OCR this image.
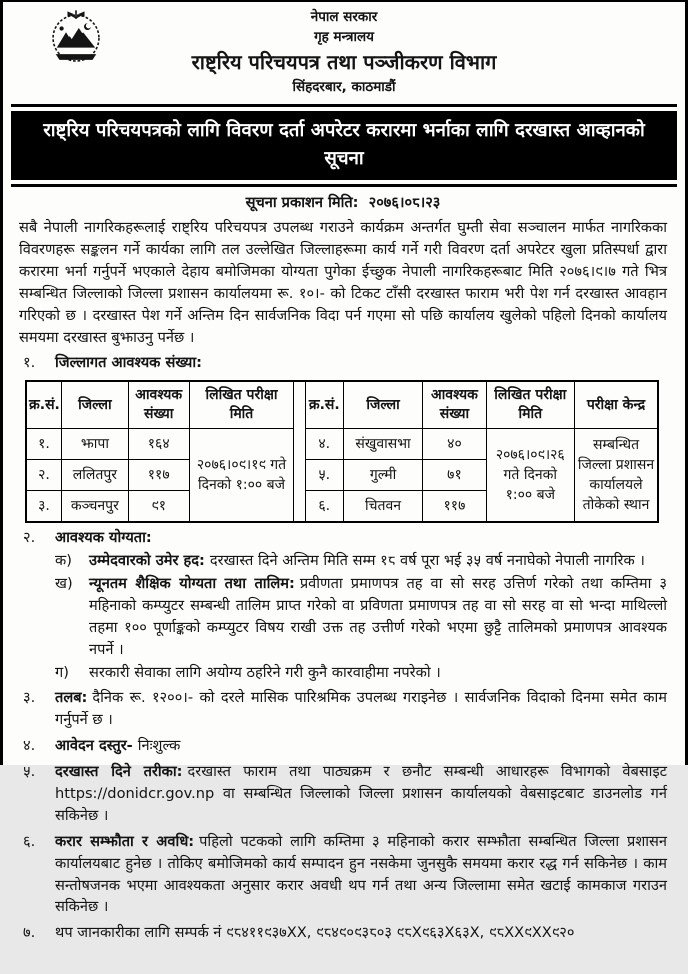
नेपाल सरकार
गृह मन्त्रालय
राष्ट्रिय परिचयपत्र तथा पञ्जीकरण विभाग
सिंहदरबार, काठमाडौं
राष्ट्रिय परिचयपत्रको लागि विवरण दर्ता अपरेटर करारमा भर्नाका लागि दरखास्त आव्हानको सूचना
सूचना प्रकाशन मिति: २०७६।०८।२३

सबै नेपाली नागरिकहरूलाई राष्ट्रिय परिचयपत्र उपलब्ध गराउने कार्यक्रम अन्तर्गत घुम्ती सेवा सञ्चालन मार्फत नागरिकका विवरणहरू सङ्कलन गर्ने कार्यका लागि तल उल्लेखित जिल्लाहरूमा कार्य गर्ने गरी विवरण दर्ता अपरेटर खुला प्रतिस्पर्धा द्वारा करारमा भर्ना गर्नुपर्ने भएकाले देहाय बमोजिमका योग्यता पुगेका ईच्छुक नेपाली नागरिकहरूबाट मिति २०७६।९।७ गते भित्र सम्बन्धित जिल्लाको जिल्ला प्रशासन कार्यालयमा रू. १०।- को टिकट टाँसी दरखास्त फाराम भरी पेश गर्न दरखास्त आवहान गरिएको छ । दरखास्त पेश गर्ने अन्तिम दिन सार्वजनिक विदा पर्न गएमा सो पछि कार्यालय खुलेको पहिलो दिनको कार्यालय समयमा दरखास्त बुझाउनु पर्नेछ ।

१.	जिल्लागत आवश्यक संख्या:
क्र.सं.	जिल्ला	आवश्यक संख्या	लिखित परीक्षा मिति		क्र.सं.	जिल्ला	आवश्यक संख्या	लिखित परीक्षा मिति	परीक्षा केन्द्र
१.	झापा	१६४	२०७६।०९।१९ गते दिनको १:०० बजे		४.	संखुवासभा	४०	२०७६।०९।२६ गते दिनको १:०० बजे	सम्बन्धित जिल्ला प्रशासन कार्यालयले तोकेको स्थान
२.	ललितपुर	११७			५.	गुल्मी	७१		
३.	कञ्चनपुर	९१			६.	चितवन	११७		
२.	आवश्यक योग्यता:
क)	उम्मेदवारको उमेर हद: दरखास्त दिने अन्तिम मिति सम्म १८ वर्ष पूरा भई ३५ वर्ष ननाघेको नेपाली नागरिक ।
ख)	न्यूनतम शैक्षिक योग्यता तथा तालिम: प्रवीणता प्रमाणपत्र तह वा सो सरह उत्तिर्ण गरेको तथा कम्तिमा ३ महिनाको कम्प्युटर सम्बन्धी तालिम प्राप्त गरेको वा प्रविणता प्रमाणपत्र तह वा सो सरह वा सो भन्दा माथिल्लो तहमा १०० पूर्णाङ्कको कम्प्युटर विषय राखी उक्त तह उत्तीर्ण गरेको भएमा छुट्टै तालिमको प्रमाणपत्र आवश्यक नपर्ने ।
ग)	सरकारी सेवाका लागि अयोग्य ठहरिने गरी कुनै कारवाहीमा नपरेको ।
३.	तलब: दैनिक रू. १२००।- को दरले मासिक पारिश्रमिक उपलब्ध गराइनेछ । सार्वजनिक विदाको दिनमा समेत काम गर्नुपर्ने छ ।
४.	आवेदन दस्तुर- निःशुल्क
५.	दरखास्त दिने तरीका: दरखास्त फाराम तथा पाठ्यक्रम र छनौट सम्बन्धी आधारहरू विभागको वेबसाइट https://donidcr.gov.np वा सम्बन्धित जिल्लाको जिल्ला प्रशासन कार्यालयको वेबसाइटबाट डाउनलोड गर्न सकिनेछ ।
६.	करार सम्झौता र अवधि: पहिलो पटकको लागि कम्तिमा ३ महिनाको करार सम्झौता सम्बन्धित जिल्ला प्रशासन कार्यालयबाट हुनेछ । तोकिए बमोजिमको कार्य सम्पादन हुन नसकेमा जुनसुकै समयमा करार रद्ध गर्न सकिनेछ । काम सन्तोषजनक भएमा आवश्यकता अनुसार करार अवधी थप गर्न तथा अन्य जिल्लामा समेत खटाई कामकाज गराउन सकिनेछ ।
७.	थप जानकारीका लागि सम्पर्क नं ९८४११९३७XX, ९८४९०९३८०३ ९८X९६३X६३X, ९८XX९XX९२०
